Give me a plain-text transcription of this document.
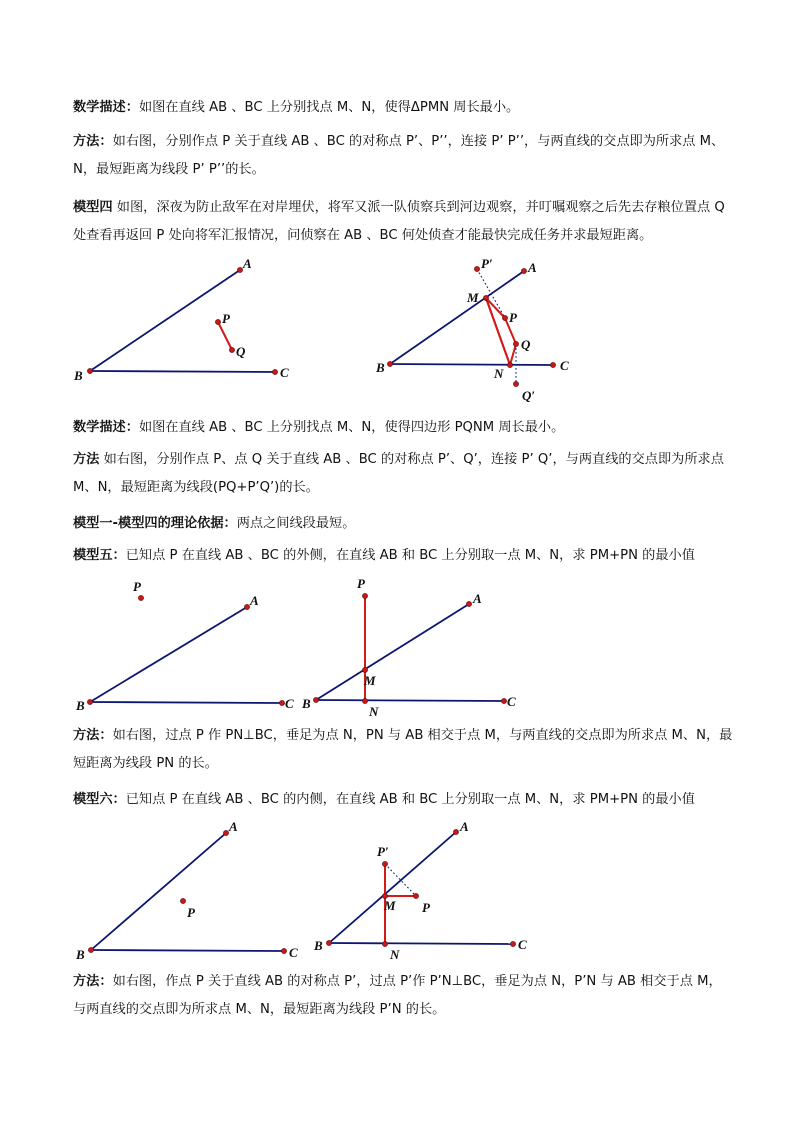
数学描述：如图在直线 AB 、BC 上分别找点 M、N，使得ΔPMN 周长最小。

方法：如右图，分别作点 P 关于直线 AB 、BC 的对称点 P’、P’’，连接 P’ P’’，与两直线的交点即为所求点 M、N，最短距离为线段 P’ P’’的长。

模型四 如图，深夜为防止敌军在对岸埋伏，将军又派一队侦察兵到河边观察，并叮嘱观察之后先去存粮位置点 Q 处查看再返回 P 处向将军汇报情况，问侦察在 AB 、BC 何处侦查才能最快完成任务并求最短距离。

B
A
C
P
Q
B
A
C
P′
M
P
Q
N
Q′

数学描述：如图在直线 AB 、BC 上分别找点 M、N，使得四边形 PQNM 周长最小。

方法 如右图，分别作点 P、点 Q 关于直线 AB 、BC 的对称点 P’、Q’，连接 P’ Q’，与两直线的交点即为所求点 M、N，最短距离为线段(PQ+P’Q’)的长。

模型一-模型四的理论依据：两点之间线段最短。

模型五：已知点 P 在直线 AB 、BC 的外侧，在直线 AB 和 BC 上分别取一点 M、N，求 PM+PN 的最小值

P
A
B	C
P
A
M
B
N
C

方法：如右图，过点 P 作 PN⊥BC，垂足为点 N，PN 与 AB 相交于点 M，与两直线的交点即为所求点 M、N，最短距离为线段 PN 的长。

模型六：已知点 P 在直线 AB 、BC 的内侧，在直线 AB 和 BC 上分别取一点 M、N，求 PM+PN 的最小值

P
A
B	C
P′
A
M P
B
N
C

方法：如右图，作点 P 关于直线 AB 的对称点 P’，过点 P’作 P’N⊥BC，垂足为点 N，P’N 与 AB 相交于点 M，与两直线的交点即为所求点 M、N，最短距离为线段 P’N 的长。
